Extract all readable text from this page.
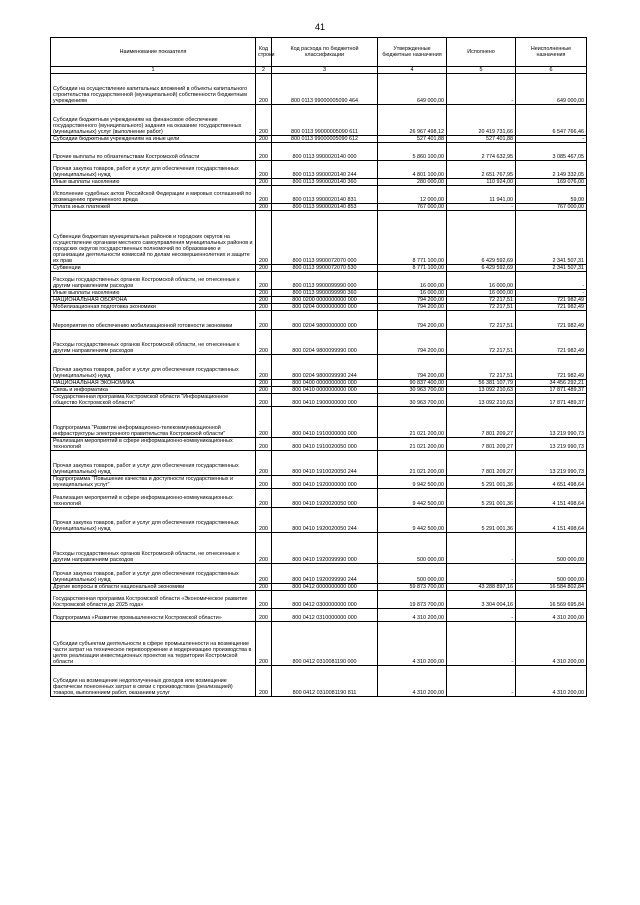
41
Наименование показателя	Код строки	Код расхода по бюджетной классификации	Утвержденные бюджетные назначения	Исполнено	Неисполненные назначения
1	2	3	4	5	6
Субсидии на осуществление капитальных вложений в объекты капитального строительства государственной (муниципальной) собственности бюджетным учреждениям	200	800 0113 99000005090 464	649 000,00	-	649 000,00
Субсидии бюджетным учреждениям на финансовое обеспечение государственного (муниципального) задания на оказание государственных (муниципальных) услуг (выполнение работ)	200	800 0113 99000005090 611	26 967 498,12	20 419 731,66	6 547 766,46
Субсидии бюджетным учреждениям на иные цели	200	800 0113 99000005090 612	527 401,88	527 401,88	-
Прочие выплаты по обязательствам Костромской области	200	800 0113 9900020140 000	5 860 100,00	2 774 632,95	3 085 467,05
Прочая закупка товаров, работ и услуг для обеспечения государственных (муниципальных) нужд	200	800 0113 9900020140 244	4 801 100,00	2 651 767,95	2 149 332,05
Иные выплаты населению	200	800 0113 9900020140 360	280 000,00	110 924,00	169 076,00
Исполнение судебных актов Российской Федерации и мировых соглашений по возмещению причиненного вреда	200	800 0113 9900020140 831	12 000,00	11 941,00	59,00
Уплата иных платежей	200	800 0113 9900020140 853	767 000,00	-	767 000,00
Субвенции бюджетам муниципальных районов и городских округов на осуществление органами местного самоуправления муниципальных районов и городских округов государственных полномочий по образованию и организации деятельности комиссий по делам несовершеннолетних и защите их прав	200	800 0113 9900072070 000	8 771 100,00	6 429 592,69	2 341 507,31
Субвенции	200	800 0113 9900072070 530	8 771 100,00	6 429 592,69	2 341 507,31
Расходы государственных органов Костромской области, не отнесенные к другим направлениям расходов	200	800 0113 9900099990 000	16 000,00	16 000,00	-
Иные выплаты населению	200	800 0113 9900099990 360	16 000,00	16 000,00	-
НАЦИОНАЛЬНАЯ ОБОРОНА	200	800 0200 0000000000 000	794 200,00	72 217,51	721 982,49
Мобилизационная подготовка экономики	200	800 0204 0000000000 000	794 200,00	72 217,51	721 982,49
Мероприятия по обеспечению мобилизационной готовности экономики	200	800 0204 9800000000 000	794 200,00	72 217,51	721 982,49
Расходы государственных органов Костромской области, не отнесенные к другим направлениям расходов	200	800 0204 9800099990 000	794 200,00	72 217,51	721 982,49
Прочая закупка товаров, работ и услуг для обеспечения государственных (муниципальных) нужд	200	800 0204 9800099990 244	794 200,00	72 217,51	721 982,49
НАЦИОНАЛЬНАЯ ЭКОНОМИКА	200	800 0400 0000000000 000	90 837 400,00	56 381 107,79	34 456 292,21
Связь и информатика	200	800 0410 0000000000 000	30 963 700,00	13 092 210,63	17 871 489,37
Государственная программа Костромской области "Информационное общество Костромской области"	200	800 0410 1900000000 000	30 963 700,00	13 092 210,63	17 871 489,37
Подпрограмма "Развитие информационно-телекоммуникационной инфраструктуры электронного правительства Костромской области"	200	800 0410 1910000000 000	21 021 200,00	7 801 209,27	13 219 990,73
Реализация мероприятий в сфере информационно-коммуникационных технологий	200	800 0410 1910020050 000	21 021 200,00	7 801 209,27	13 219 990,73
Прочая закупка товаров, работ и услуг для обеспечения государственных (муниципальных) нужд	200	800 0410 1910020050 244	21 021 200,00	7 801 209,27	13 219 990,73
Подпрограмма "Повышение качества и доступности государственных и муниципальных услуг"	200	800 0410 1920000000 000	9 942 500,00	5 291 001,36	4 651 498,64
Реализация мероприятий в сфере информационно-коммуникационных технологий	200	800 0410 1920020050 000	9 442 500,00	5 291 001,36	4 151 498,64
Прочая закупка товаров, работ и услуг для обеспечения государственных (муниципальных) нужд	200	800 0410 1920020050 244	9 442 500,00	5 291 001,36	4 151 498,64
Расходы государственных органов Костромской области, не отнесенные к другим направлениям расходов	200	800 0410 1920099990 000	500 000,00	-	500 000,00
Прочая закупка товаров, работ и услуг для обеспечения государственных (муниципальных) нужд	200	800 0410 1920099990 244	500 000,00	-	500 000,00
Другие вопросы в области национальной экономики	200	800 0412 0000000000 000	59 873 700,00	43 288 897,16	16 584 802,84
Государственная программа Костромской области «Экономическое развитие Костромской области до 2025 года»	200	800 0412 0300000000 000	19 873 700,00	3 304 004,16	16 569 695,84
Подпрограмма «Развитие промышленности Костромской области»	200	800 0412 0310000000 000	4 310 200,00	-	4 310 200,00
Субсидии субъектам деятельности в сфере промышленности на возмещение части затрат на техническое перевооружение и модернизацию производства в целях реализации инвестиционных проектов на территории Костромской области	200	800 0412 0310081190 000	4 310 200,00	-	4 310 200,00
Субсидии на возмещение недополученных доходов или возмещение фактически понесенных затрат в связи с производством (реализацией) товаров, выполнением работ, оказанием услуг	200	800 0412 0310081190 811	4 310 200,00	-	4 310 200,00
